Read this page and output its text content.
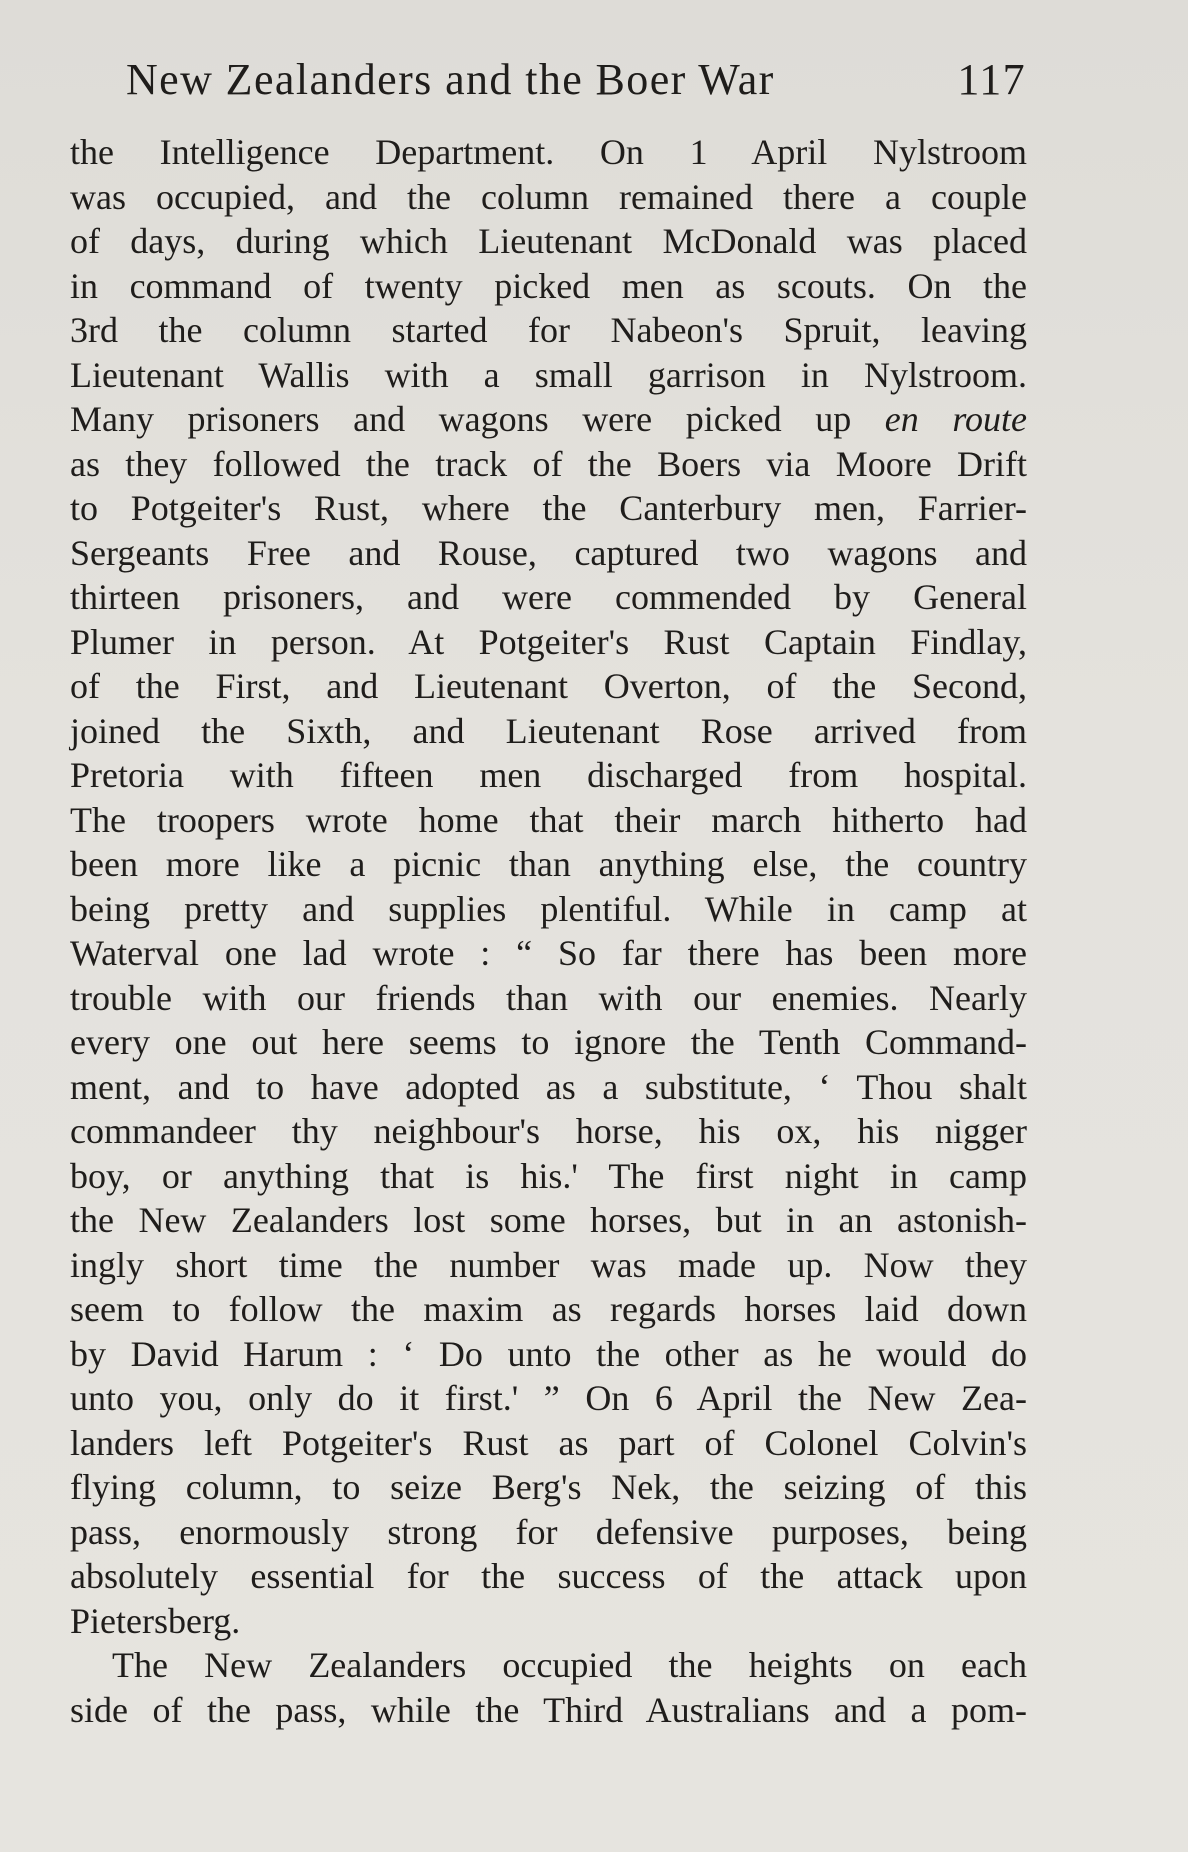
New Zealanders and the Boer War	117
the Intelligence Department. On 1 April Nylstroom
was occupied, and the column remained there a couple
of days, during which Lieutenant McDonald was placed
in command of twenty picked men as scouts. On the
3rd the column started for Nabeon's Spruit, leaving
Lieutenant Wallis with a small garrison in Nylstroom.
Many prisoners and wagons were picked up en route
as they followed the track of the Boers via Moore Drift
to Potgeiter's Rust, where the Canterbury men, Farrier-
Sergeants Free and Rouse, captured two wagons and
thirteen prisoners, and were commended by General
Plumer in person. At Potgeiter's Rust Captain Findlay,
of the First, and Lieutenant Overton, of the Second,
joined the Sixth, and Lieutenant Rose arrived from
Pretoria with fifteen men discharged from hospital.
The troopers wrote home that their march hitherto had
been more like a picnic than anything else, the country
being pretty and supplies plentiful. While in camp at
Waterval one lad wrote : “ So far there has been more
trouble with our friends than with our enemies. Nearly
every one out here seems to ignore the Tenth Command-
ment, and to have adopted as a substitute, ‘ Thou shalt
commandeer thy neighbour's horse, his ox, his nigger
boy, or anything that is his.' The first night in camp
the New Zealanders lost some horses, but in an astonish-
ingly short time the number was made up. Now they
seem to follow the maxim as regards horses laid down
by David Harum : ‘ Do unto the other as he would do
unto you, only do it first.' ” On 6 April the New Zea-
landers left Potgeiter's Rust as part of Colonel Colvin's
flying column, to seize Berg's Nek, the seizing of this
pass, enormously strong for defensive purposes, being
absolutely essential for the success of the attack upon
Pietersberg.
The New Zealanders occupied the heights on each
side of the pass, while the Third Australians and a pom-
